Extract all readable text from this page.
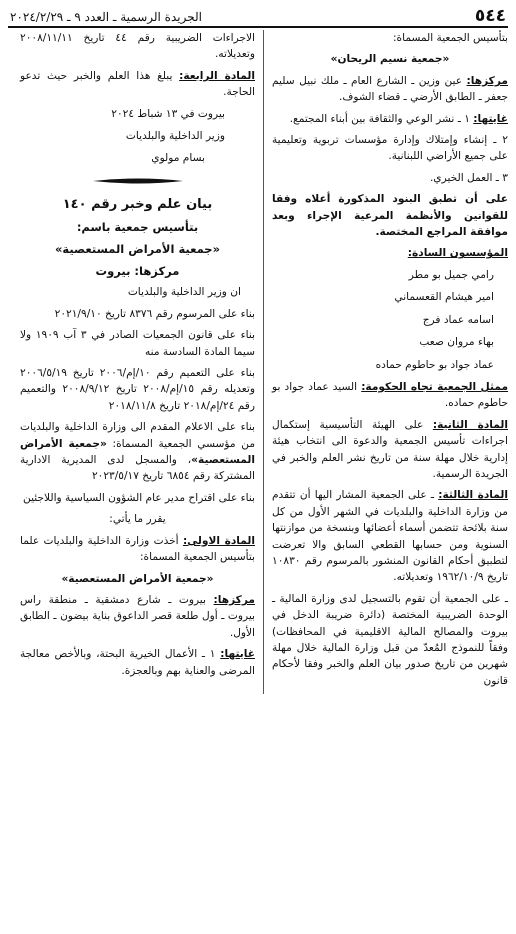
٥٤٤
الجريدة الرسمية ـ العدد ٩ ـ ٢٠٢٤/٢/٢٩

بتأسيس الجمعية المسماة:

«جمعية نسيم الريحان»

مركزها: عين وزين ـ الشارع العام ـ ملك نبيل سليم جعفر ـ الطابق الأرضي ـ قضاء الشوف.

غايتها: ١ ـ نشر الوعي والثقافة بين أبناء المجتمع.

٢ ـ إنشاء وإمتلاك وإدارة مؤسسات تربوية وتعليمية على جميع الأراضي اللبنانية.

٣ ـ العمل الخيري.

على أن تطبق البنود المذكورة أعلاه وفقا للقوانين والأنظمة المرعية الإجراء وبعد موافقة المراجع المختصة.

المؤسسون السادة:

رامي جميل بو مطر

امير هيشام القعسماني

اسامه عماد فرج

بهاء مروان صعب

عماد جواد بو حاطوم حماده

ممثل الجمعية تجاه الحكومة: السيد عماد جواد بو حاطوم حماده.

المادة الثانية: على الهيئة التأسيسية إستكمال اجراءات تأسيس الجمعية والدعوة الى انتخاب هيئة إدارية خلال مهلة سنة من تاريخ نشر العلم والخبر في الجريدة الرسمية.

المادة الثالثة: ـ على الجمعية المشار اليها أن تتقدم من وزارة الداخلية والبلديات في الشهر الأول من كل سنة بلائحة تتضمن أسماء أعضائها وبنسخة من موازنتها السنوية ومن حسابها القطعي السابق والا تعرضت لتطبيق أحكام القانون المنشور بالمرسوم رقم ١٠٨٣٠ تاريخ ١٩٦٢/١٠/٩ وتعديلاته.

ـ على الجمعية أن تقوم بالتسجيل لدى وزارة المالية ـ الوحدة الضريبية المختصة (دائرة ضريبة الدخل في بيروت والمصالح المالية الاقليمية في المحافظات) وفقاً للنموذج المُعدّ من قبل وزارة المالية خلال مهلة شهرين من تاريخ صدور بيان العلم والخبر وفقا لأحكام قانون

الاجراءات الضريبية رقم ٤٤ تاريخ ٢٠٠٨/١١/١١ وتعديلاته.

المادة الرابعة: يبلغ هذا العلم والخبر حيث تدعو الحاجة.

بيروت في ١٣ شباط ٢٠٢٤

وزير الداخلية والبلديات

بسام مولوي

بيان علم وخبر رقم ١٤٠

بتأسيس جمعية باسم:

«جمعية الأمراض المستعصية»

مركزها: بيروت

ان وزير الداخلية والبلديات

بناء على المرسوم رقم ٨٣٧٦ تاريخ ٢٠٢١/٩/١٠

بناء على قانون الجمعيات الصادر في ٣ آب ١٩٠٩ ولا سيما المادة السادسة منه

بناء على التعميم رقم ١٠/إم/٢٠٠٦ تاريخ ٢٠٠٦/٥/١٩ وتعديله رقم ١٥/إم/٢٠٠٨ تاريخ ٢٠٠٨/٩/١٢ والتعميم رقم ٢٤/إم/٢٠١٨ تاريخ ٢٠١٨/١١/٨

بناء على الاعلام المقدم الى وزارة الداخلية والبلديات من مؤسسي الجمعية المسماة: «جمعية الأمراض المستعصية»، والمسجل لدى المديرية الادارية المشتركة رقم ٦٨٥٤ تاريخ ٢٠٢٣/٥/١٧

بناء على اقتراح مدير عام الشؤون السياسية واللاجئين

يقرر ما يأتي:

المادة الاولى: أخذت وزارة الداخلية والبلديات علما بتأسيس الجمعية المسماة:

«جمعية الأمراض المستعصية»

مركزها: بيروت ـ شارع دمشقية ـ منطقة راس بيروت ـ أول طلعة قصر الداعوق بناية بيضون ـ الطابق الأول.

غايتها: ١ ـ الأعمال الخيرية البحتة، وبالأخص معالجة المرضى والعناية بهم وبالعجزة.
